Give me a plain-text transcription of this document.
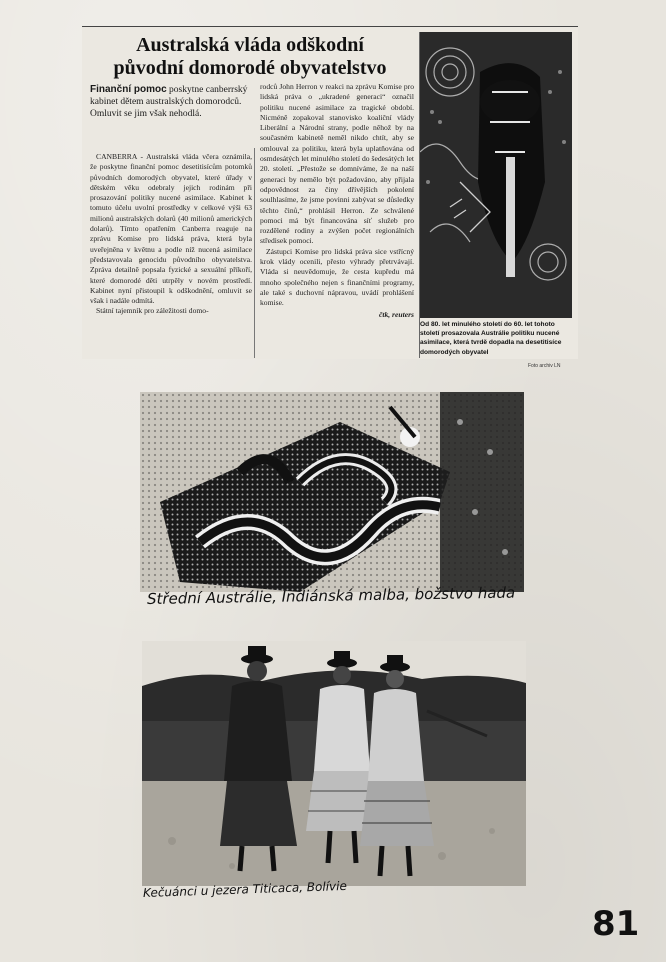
Australská vláda odškodní
původní domorodé obyvatelstvo
Finanční pomoc poskytne canberrský kabinet dětem australských domorodců. Omluvit se jim však nehodlá.

CANBERRA - Australská vláda včera oznámila, že poskytne finanční pomoc desetitisícům potomků původních domorodých obyvatel, které úřady v dětském věku odebraly jejich rodinám při prosazování politiky nucené asimilace. Kabinet k tomuto účelu uvolní prostředky v celkové výši 63 milionů australských dolarů (40 milionů amerických dolarů). Tímto opatřením Canberra reaguje na zprávu Komise pro lidská práva, která byla uveřejněna v květnu a podle níž nucená asimilace představovala genocidu původního obyvatelstva. Zpráva detailně popsala fyzické a sexuální příkoří, které domorodé děti utrpěly v novém prostředí. Kabinet nyní přistoupil k odškodnění, omluvit se však i nadále odmítá.

Státní tajemník pro záležitosti domo-

rodců John Herron v reakci na zprávu Komise pro lidská práva o „ukradené generaci“ označil politiku nucené asimilace za tragické období. Nicméně zopakoval stanovisko koaliční vlády Liberální a Národní strany, podle něhož by na současném kabinetě neměl nikdo chtít, aby se omlouval za politiku, která byla uplatňována od osmdesátých let minulého století do šedesátých let 20. století. „Přestože se domníváme, že na naší generaci by nemělo být požadováno, aby přijala odpovědnost za činy dřívějších pokolení soulhlasíme, že jsme povinni zabývat se důsledky těchto činů,“ prohlásil Herron. Ze schválené pomoci má být financována síť služeb pro rozdělené rodiny a zvýšen počet regionálních středisek pomoci.

Zástupci Komise pro lidská práva sice vstřícný krok vlády ocenili, přesto výhrady přetrvávají. Vláda si neuvědomuje, že cesta kupředu má mnoho společného nejen s finančními programy, ale také s duchovní nápravou, uvádí prohlášení komise.

čtk, reuters
Od 80. let minulého století do 60. let tohoto století prosazovala Austrálie politiku nucené asimilace, která tvrdě dopadla na desetitisíce domorodých obyvatel
Foto archiv LN
Střední Austrálie, Indiánská malba, božstvo hada
Kečuánci u jezera Titicaca, Bolívie
81
